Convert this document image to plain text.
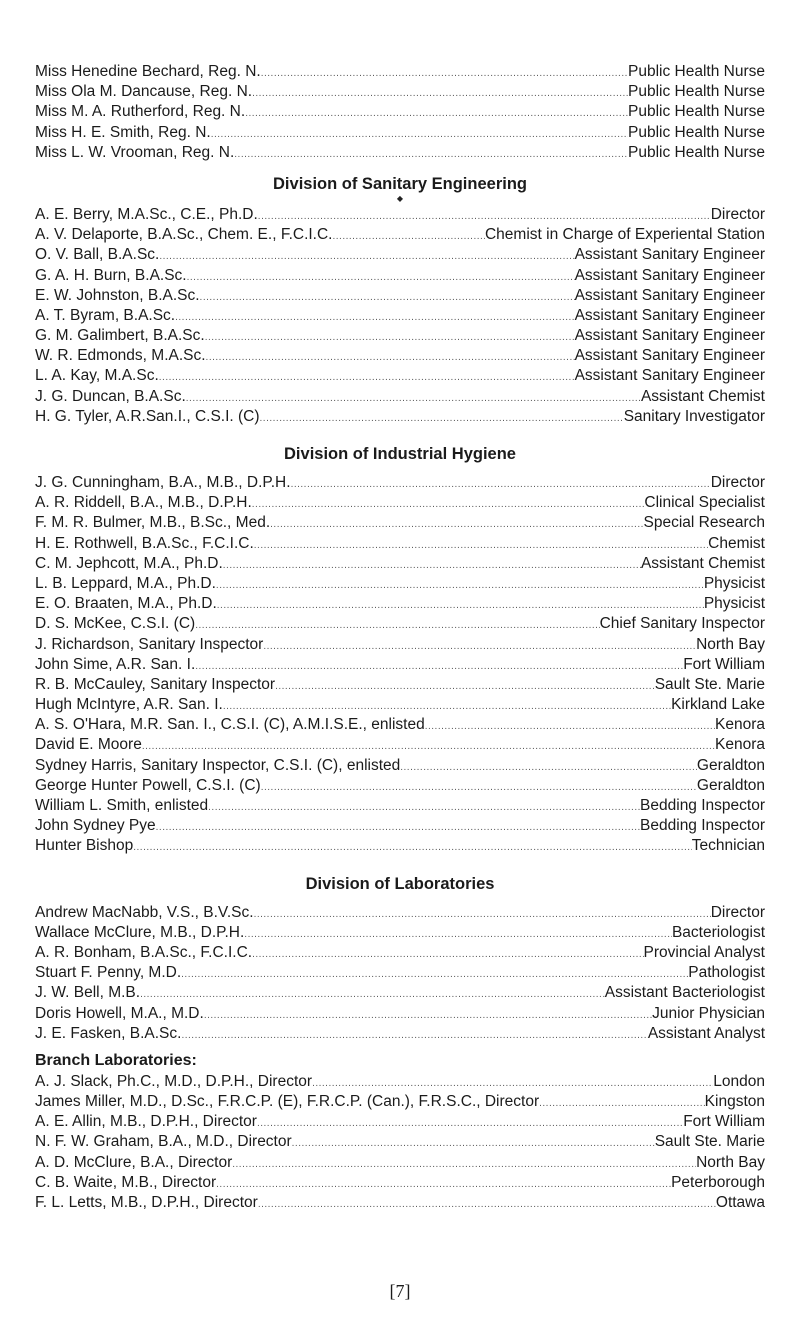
Miss Henedine Bechard, Reg. N. .....	Public Health Nurse
Miss Ola M. Dancause, Reg. N. .....	Public Health Nurse
Miss M. A. Rutherford, Reg. N. .....	Public Health Nurse
Miss H. E. Smith, Reg. N. .....	Public Health Nurse
Miss L. W. Vrooman, Reg. N. .....	Public Health Nurse
Division of Sanitary Engineering
◆
A. E. Berry, M.A.Sc., C.E., Ph.D. .....	Director
A. V. Delaporte, B.A.Sc., Chem. E., F.C.I.C. .....	Chemist in Charge of Experiental Station
O. V. Ball, B.A.Sc. .....	Assistant Sanitary Engineer
G. A. H. Burn, B.A.Sc. .....	Assistant Sanitary Engineer
E. W. Johnston, B.A.Sc. .....	Assistant Sanitary Engineer
A. T. Byram, B.A.Sc. .....	Assistant Sanitary Engineer
G. M. Galimbert, B.A.Sc. .....	Assistant Sanitary Engineer
W. R. Edmonds, M.A.Sc. .....	Assistant Sanitary Engineer
L. A. Kay, M.A.Sc. .....	Assistant Sanitary Engineer
J. G. Duncan, B.A.Sc. .....	Assistant Chemist
H. G. Tyler, A.R.San.I., C.S.I. (C) .....	Sanitary Investigator
Division of Industrial Hygiene
J. G. Cunningham, B.A., M.B., D.P.H. .....	Director
A. R. Riddell, B.A., M.B., D.P.H. .....	Clinical Specialist
F. M. R. Bulmer, M.B., B.Sc., Med. .....	Special Research
H. E. Rothwell, B.A.Sc., F.C.I.C. .....	Chemist
C. M. Jephcott, M.A., Ph.D. .....	Assistant Chemist
L. B. Leppard, M.A., Ph.D. .....	Physicist
E. O. Braaten, M.A., Ph.D. .....	Physicist
D. S. McKee, C.S.I. (C) .....	Chief Sanitary Inspector
J. Richardson, Sanitary Inspector .....	North Bay
John Sime, A.R. San. I. .....	Fort William
R. B. McCauley, Sanitary Inspector .....	Sault Ste. Marie
Hugh McIntyre, A.R. San. I. .....	Kirkland Lake
A. S. O'Hara, M.R. San. I., C.S.I. (C), A.M.I.S.E., enlisted .....	Kenora
David E. Moore .....	Kenora
Sydney Harris, Sanitary Inspector, C.S.I. (C), enlisted .....	Geraldton
George Hunter Powell, C.S.I. (C) .....	Geraldton
William L. Smith, enlisted .....	Bedding Inspector
John Sydney Pye .....	Bedding Inspector
Hunter Bishop .....	Technician
Division of Laboratories
Andrew MacNabb, V.S., B.V.Sc. .....	Director
Wallace McClure, M.B., D.P.H. .....	Bacteriologist
A. R. Bonham, B.A.Sc., F.C.I.C. .....	Provincial Analyst
Stuart F. Penny, M.D. .....	Pathologist
J. W. Bell, M.B. .....	Assistant Bacteriologist
Doris Howell, M.A., M.D. .....	Junior Physician
J. E. Fasken, B.A.Sc. .....	Assistant Analyst
Branch Laboratories:
A. J. Slack, Ph.C., M.D., D.P.H., Director .....	London
James Miller, M.D., D.Sc., F.R.C.P. (E), F.R.C.P. (Can.), F.R.S.C., Director .....	Kingston
A. E. Allin, M.B., D.P.H., Director .....	Fort William
N. F. W. Graham, B.A., M.D., Director .....	Sault Ste. Marie
A. D. McClure, B.A., Director .....	North Bay
C. B. Waite, M.B., Director .....	Peterborough
F. L. Letts, M.B., D.P.H., Director .....	Ottawa
[7]
